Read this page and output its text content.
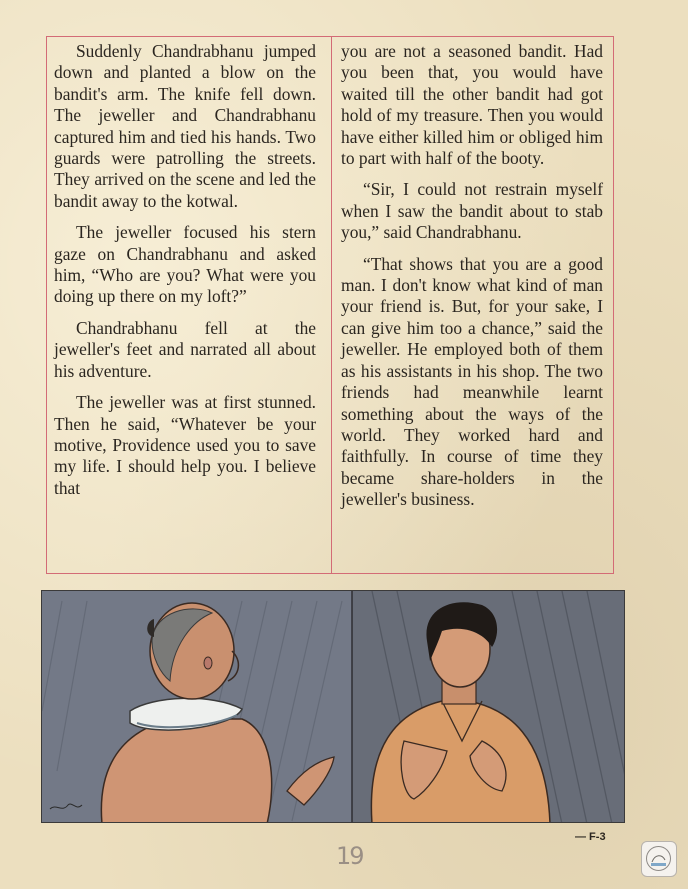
Suddenly Chandrabhanu jumped down and planted a blow on the bandit's arm. The knife fell down. The jeweller and Chandrabhanu captured him and tied his hands. Two guards were patrolling the streets. They arrived on the scene and led the bandit away to the kotwal.

The jeweller focused his stern gaze on Chandrabhanu and asked him, “Who are you? What were you doing up there on my loft?”

Chandrabhanu fell at the jeweller's feet and narrated all about his adventure.

The jeweller was at first stunned. Then he said, “Whatever be your motive, Providence used you to save my life. I should help you. I believe that

you are not a seasoned bandit. Had you been that, you would have waited till the other bandit had got hold of my treasure. Then you would have either killed him or obliged him to part with half of the booty.

“Sir, I could not restrain myself when I saw the bandit about to stab you,” said Chandrabhanu.

“That shows that you are a good man. I don't know what kind of man your friend is. But, for your sake, I can give him too a chance,” said the jeweller. He employed both of them as his assistants in his shop. The two friends had meanwhile learnt something about the ways of the world. They worked hard and faithfully. In course of time they became share-holders in the jeweller's business.

— F-3
19
